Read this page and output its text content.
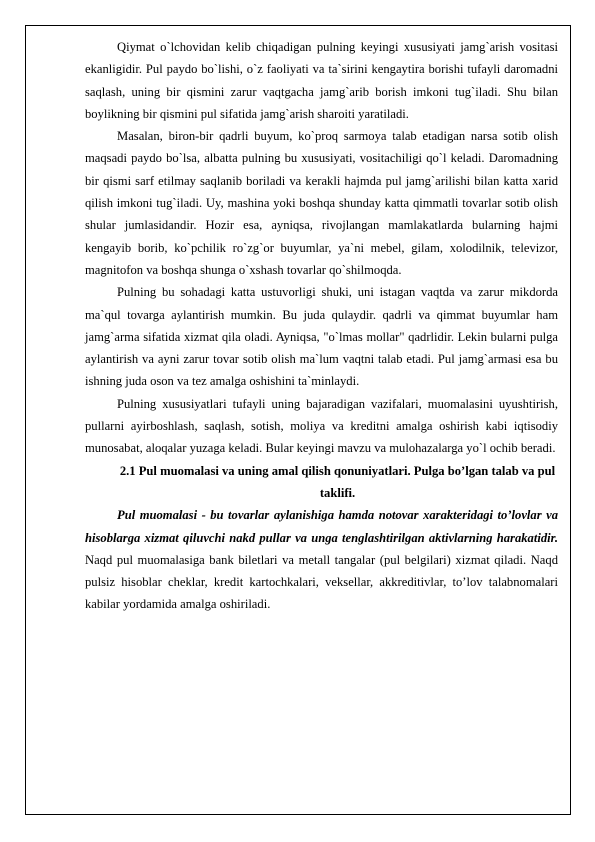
Qiymat o`lchovidan kelib chiqadigan pulning keyingi xususiyati jamg`arish vositasi ekanligidir. Pul paydo bo`lishi, o`z faoliyati va ta`sirini kengaytira borishi tufayli daromadni saqlash, uning bir qismini zarur vaqtgacha jamg`arib borish imkoni tug`iladi. Shu bilan boylikning bir qismini pul sifatida jamg`arish sharoiti yaratiladi.

Masalan, biron-bir qadrli buyum, ko`proq sarmoya talab etadigan narsa sotib olish maqsadi paydo bo`lsa, albatta pulning bu xususiyati, vositachiligi qo`l keladi. Daromadning bir qismi sarf etilmay saqlanib boriladi va kerakli hajmda pul jamg`arilishi bilan katta xarid qilish imkoni tug`iladi. Uy, mashina yoki boshqa shunday katta qimmatli tovarlar sotib olish shular jumlasidandir. Hozir esa, ayniqsa, rivojlangan mamlakatlarda bularning hajmi kengayib borib, ko`pchilik ro`zg`or buyumlar, ya`ni mebel, gilam, xolodilnik, televizor, magnitofon va boshqa shunga o`xshash tovarlar qo`shilmoqda.

Pulning bu sohadagi katta ustuvorligi shuki, uni istagan vaqtda va zarur mikdorda ma`qul tovarga aylantirish mumkin. Bu juda qulaydir. qadrli va qimmat buyumlar ham jamg`arma sifatida xizmat qila oladi. Ayniqsa, "o`lmas mollar" qadrlidir. Lekin bularni pulga aylantirish va ayni zarur tovar sotib olish ma`lum vaqtni talab etadi. Pul jamg`armasi esa bu ishning juda oson va tez amalga oshishini ta`minlaydi.

Pulning xususiyatlari tufayli uning bajaradigan vazifalari, muomalasini uyushtirish, pullarni ayirboshlash, saqlash, sotish, moliya va kreditni amalga oshirish kabi iqtisodiy munosabat, aloqalar yuzaga keladi. Bular keyingi mavzu va mulohazalarga yo`l ochib beradi.

2.1 Pul muomalasi va uning amal qilish qonuniyatlari. Pulga bo’lgan talab va pul taklifi.

Pul muomalasi - bu tovarlar aylanishiga hamda notovar xarakteridagi to’lovlar va hisoblarga xizmat qiluvchi nakd pullar va unga tenglashtirilgan aktivlarning harakatidir. Naqd pul muomalasiga bank biletlari va metall tangalar (pul belgilari) xizmat qiladi. Naqd pulsiz hisoblar cheklar, kredit kartochkalari, veksellar, akkreditivlar, to’lov talabnomalari kabilar yordamida amalga oshiriladi.
